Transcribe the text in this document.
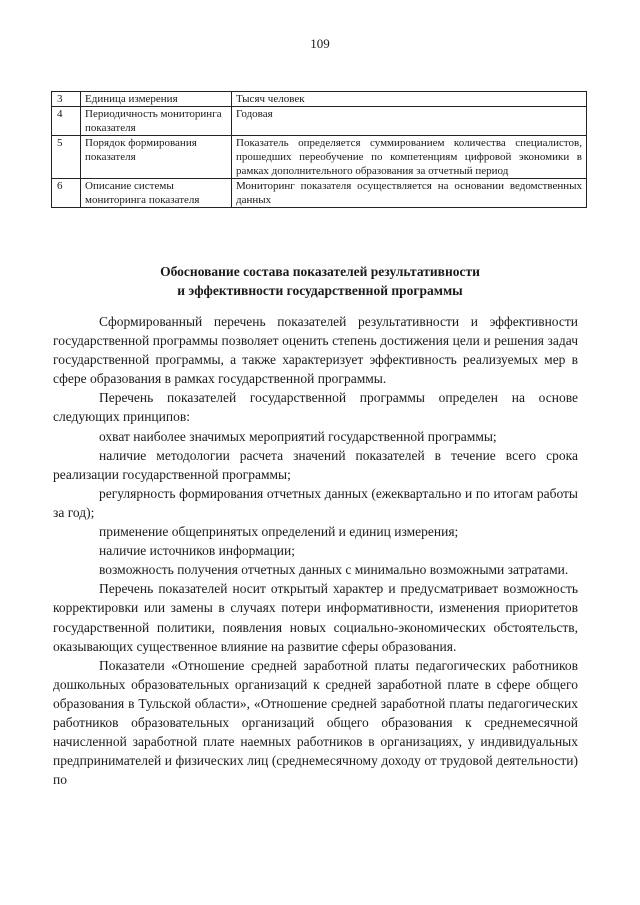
109
3	Единица измерения	Тысяч человек
4	Периодичность мониторинга показателя	Годовая
5	Порядок формирования показателя	Показатель определяется суммированием количества специалистов, прошедших переобучение по компетенциям цифровой экономики в рамках дополнительного образования за отчетный период
6	Описание системы мониторинга показателя	Мониторинг показателя осуществляется на основании ведомственных данных
Обоснование состава показателей результативности
и эффективности государственной программы

Сформированный перечень показателей результативности и эффективности государственной программы позволяет оценить степень достижения цели и решения задач государственной программы, а также характеризует эффективность реализуемых мер в сфере образования в рамках государственной программы.

Перечень показателей государственной программы определен на основе следующих принципов:

охват наиболее значимых мероприятий государственной программы;

наличие методологии расчета значений показателей в течение всего срока реализации государственной программы;

регулярность формирования отчетных данных (ежеквартально и по итогам работы за год);

применение общепринятых определений и единиц измерения;

наличие источников информации;

возможность получения отчетных данных с минимально возможными затратами.

Перечень показателей носит открытый характер и предусматривает возможность корректировки или замены в случаях потери информативности, изменения приоритетов государственной политики, появления новых социально-экономических обстоятельств, оказывающих существенное влияние на развитие сферы образования.

Показатели «Отношение средней заработной платы педагогических работников дошкольных образовательных организаций к средней заработной плате в сфере общего образования в Тульской области», «Отношение средней заработной платы педагогических работников образовательных организаций общего образования к среднемесячной начисленной заработной плате наемных работников в организациях, у индивидуальных предпринимателей и физических лиц (среднемесячному доходу от трудовой деятельности) по
